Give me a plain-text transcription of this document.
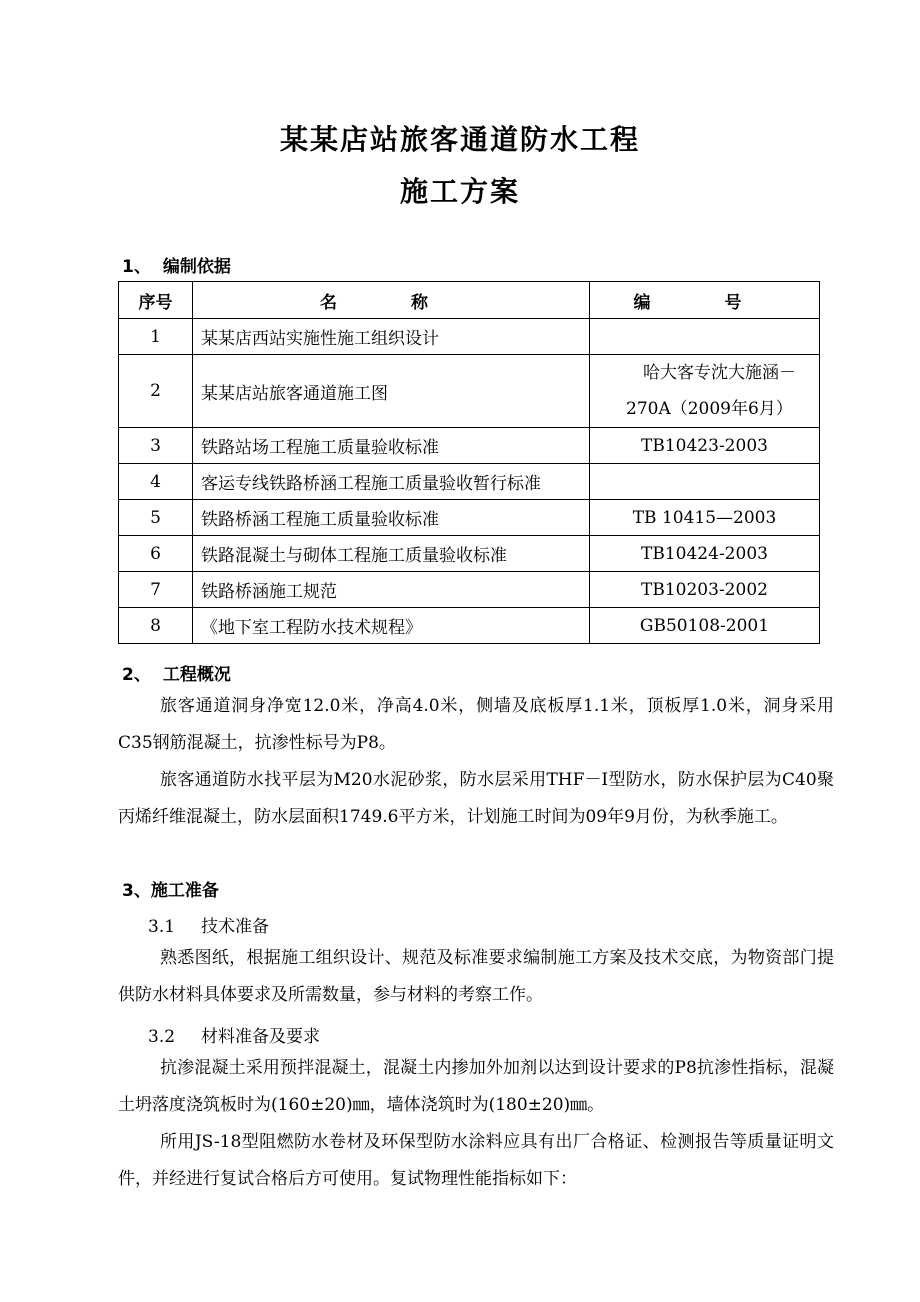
某某店站旅客通道防水工程
施工方案
1、 编制依据
序号	名 称	编 号
1	某某店西站实施性施工组织设计	
2	某某店站旅客通道施工图	哈大客专沈大施涵－
270A（2009年6月）

3	铁路站场工程施工质量验收标准	TB10423-2003
4	客运专线铁路桥涵工程施工质量验收暂行标准	
5	铁路桥涵工程施工质量验收标准	TB 10415—2003
6	铁路混凝土与砌体工程施工质量验收标准	TB10424-2003
7	铁路桥涵施工规范	TB10203-2002
8	《地下室工程防水技术规程》	GB50108-2001
2、 工程概况
旅客通道洞身净宽12.0米，净高4.0米，侧墙及底板厚1.1米，顶板厚1.0米，洞身采用C35钢筋混凝土，抗渗性标号为P8。
旅客通道防水找平层为M20水泥砂浆，防水层采用THF－I型防水，防水保护层为C40聚丙烯纤维混凝土，防水层面积1749.6平方米，计划施工时间为09年9月份，为秋季施工。
3、施工准备
3.1 技术准备
熟悉图纸，根据施工组织设计、规范及标准要求编制施工方案及技术交底，为物资部门提供防水材料具体要求及所需数量，参与材料的考察工作。
3.2 材料准备及要求
抗渗混凝土采用预拌混凝土，混凝土内掺加外加剂以达到设计要求的P8抗渗性指标，混凝土坍落度浇筑板时为(160±20)㎜，墙体浇筑时为(180±20)㎜。
所用JS-18型阻燃防水卷材及环保型防水涂料应具有出厂合格证、检测报告等质量证明文件，并经进行复试合格后方可使用。复试物理性能指标如下：
